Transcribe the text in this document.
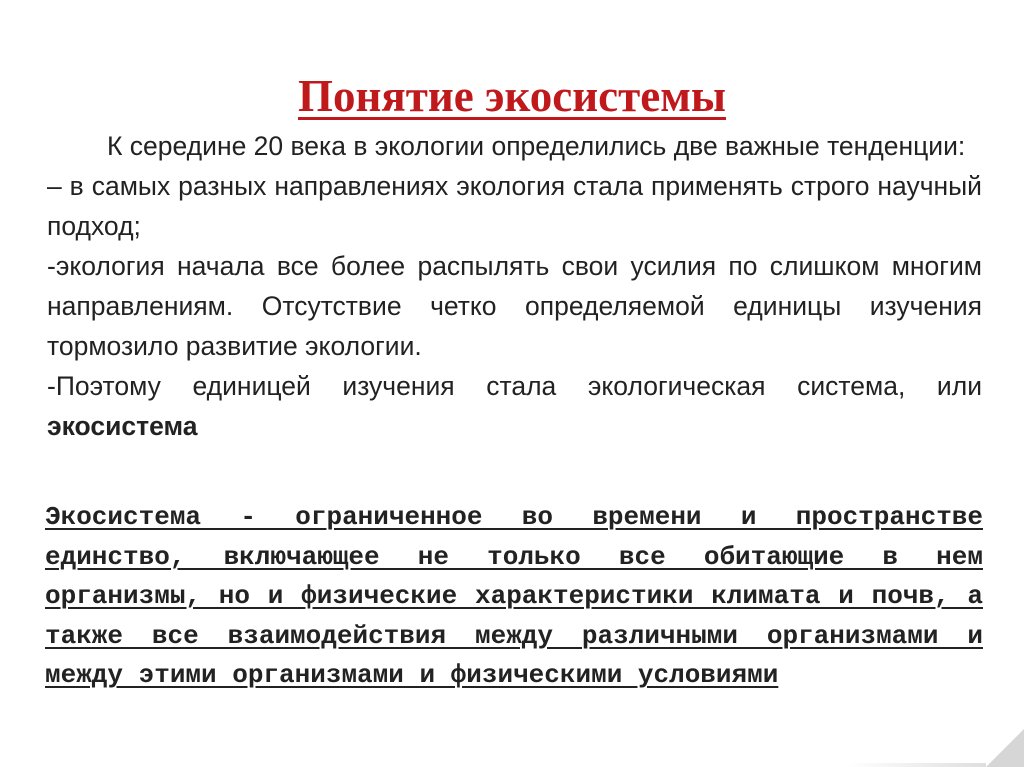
Понятие экосистемы

К середине 20 века в экологии определились две важные тенденции:

– в самых разных направлениях экология стала применять строго научный подход;

-экология начала все более распылять свои усилия по слишком многим направлениям. Отсутствие четко определяемой единицы изучения тормозило развитие экологии.

-Поэтому единицей изучения стала экологическая система, или экосистема

Экосистема - ограниченное во времени и пространстве единство, включающее не только все обитающие в нем организмы, но и физические характеристики климата и почв, а также все взаимодействия между различными организмами и между этими организмами и физическими условиями
